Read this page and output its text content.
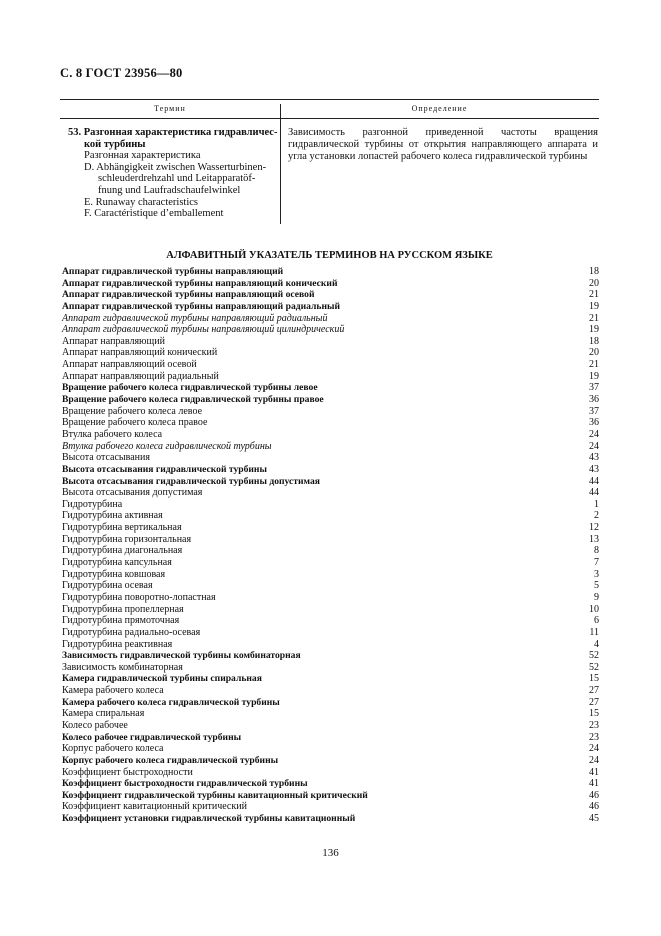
С. 8 ГОСТ 23956—80
Термин	Определение
53. Разгонная характеристика гидравличес-
кой турбины
Разгонная характеристика
D. Abhängigkeit zwischen Wasserturbinen-
schleuderdrehzahl und Leitapparatöf-
fnung und Laufradschaufelwinkel
E. Runaway characteristics
F. Caractéristique d’emballement
Зависимость разгонной приведенной частоты вращения гидравлической турбины от открытия направляющего аппарата и угла установки лопастей рабочего колеса гидравлической турбины
АЛФАВИТНЫЙ УКАЗАТЕЛЬ ТЕРМИНОВ НА РУССКОМ ЯЗЫКЕ
Аппарат гидравлической турбины направляющий	18
Аппарат гидравлической турбины направляющий конический	20
Аппарат гидравлической турбины направляющий осевой	21
Аппарат гидравлической турбины направляющий радиальный	19
Аппарат гидравлической турбины направляющий радиальный	21
Аппарат гидравлической турбины направляющий цилиндрический	19
Аппарат направляющий	18
Аппарат направляющий конический	20
Аппарат направляющий осевой	21
Аппарат направляющий радиальный	19
Вращение рабочего колеса гидравлической турбины левое	37
Вращение рабочего колеса гидравлической турбины правое	36
Вращение рабочего колеса левое	37
Вращение рабочего колеса правое	36
Втулка рабочего колеса	24
Втулка рабочего колеса гидравлической турбины	24
Высота отсасывания	43
Высота отсасывания гидравлической турбины	43
Высота отсасывания гидравлической турбины допустимая	44
Высота отсасывания допустимая	44
Гидротурбина	1
Гидротурбина активная	2
Гидротурбина вертикальная	12
Гидротурбина горизонтальная	13
Гидротурбина диагональная	8
Гидротурбина капсульная	7
Гидротурбина ковшовая	3
Гидротурбина осевая	5
Гидротурбина поворотно-лопастная	9
Гидротурбина пропеллерная	10
Гидротурбина прямоточная	6
Гидротурбина радиально-осевая	11
Гидротурбина реактивная	4
Зависимость гидравлической турбины комбинаторная	52
Зависимость комбинаторная	52
Камера гидравлической турбины спиральная	15
Камера рабочего колеса	27
Камера рабочего колеса гидравлической турбины	27
Камера спиральная	15
Колесо рабочее	23
Колесо рабочее гидравлической турбины	23
Корпус рабочего колеса	24
Корпус рабочего колеса гидравлической турбины	24
Коэффициент быстроходности	41
Коэффициент быстроходности гидравлической турбины	41
Коэффициент гидравлической турбины кавитационный критический	46
Коэффициент кавитационный критический	46
Коэффициент установки гидравлической турбины кавитационный	45
136
